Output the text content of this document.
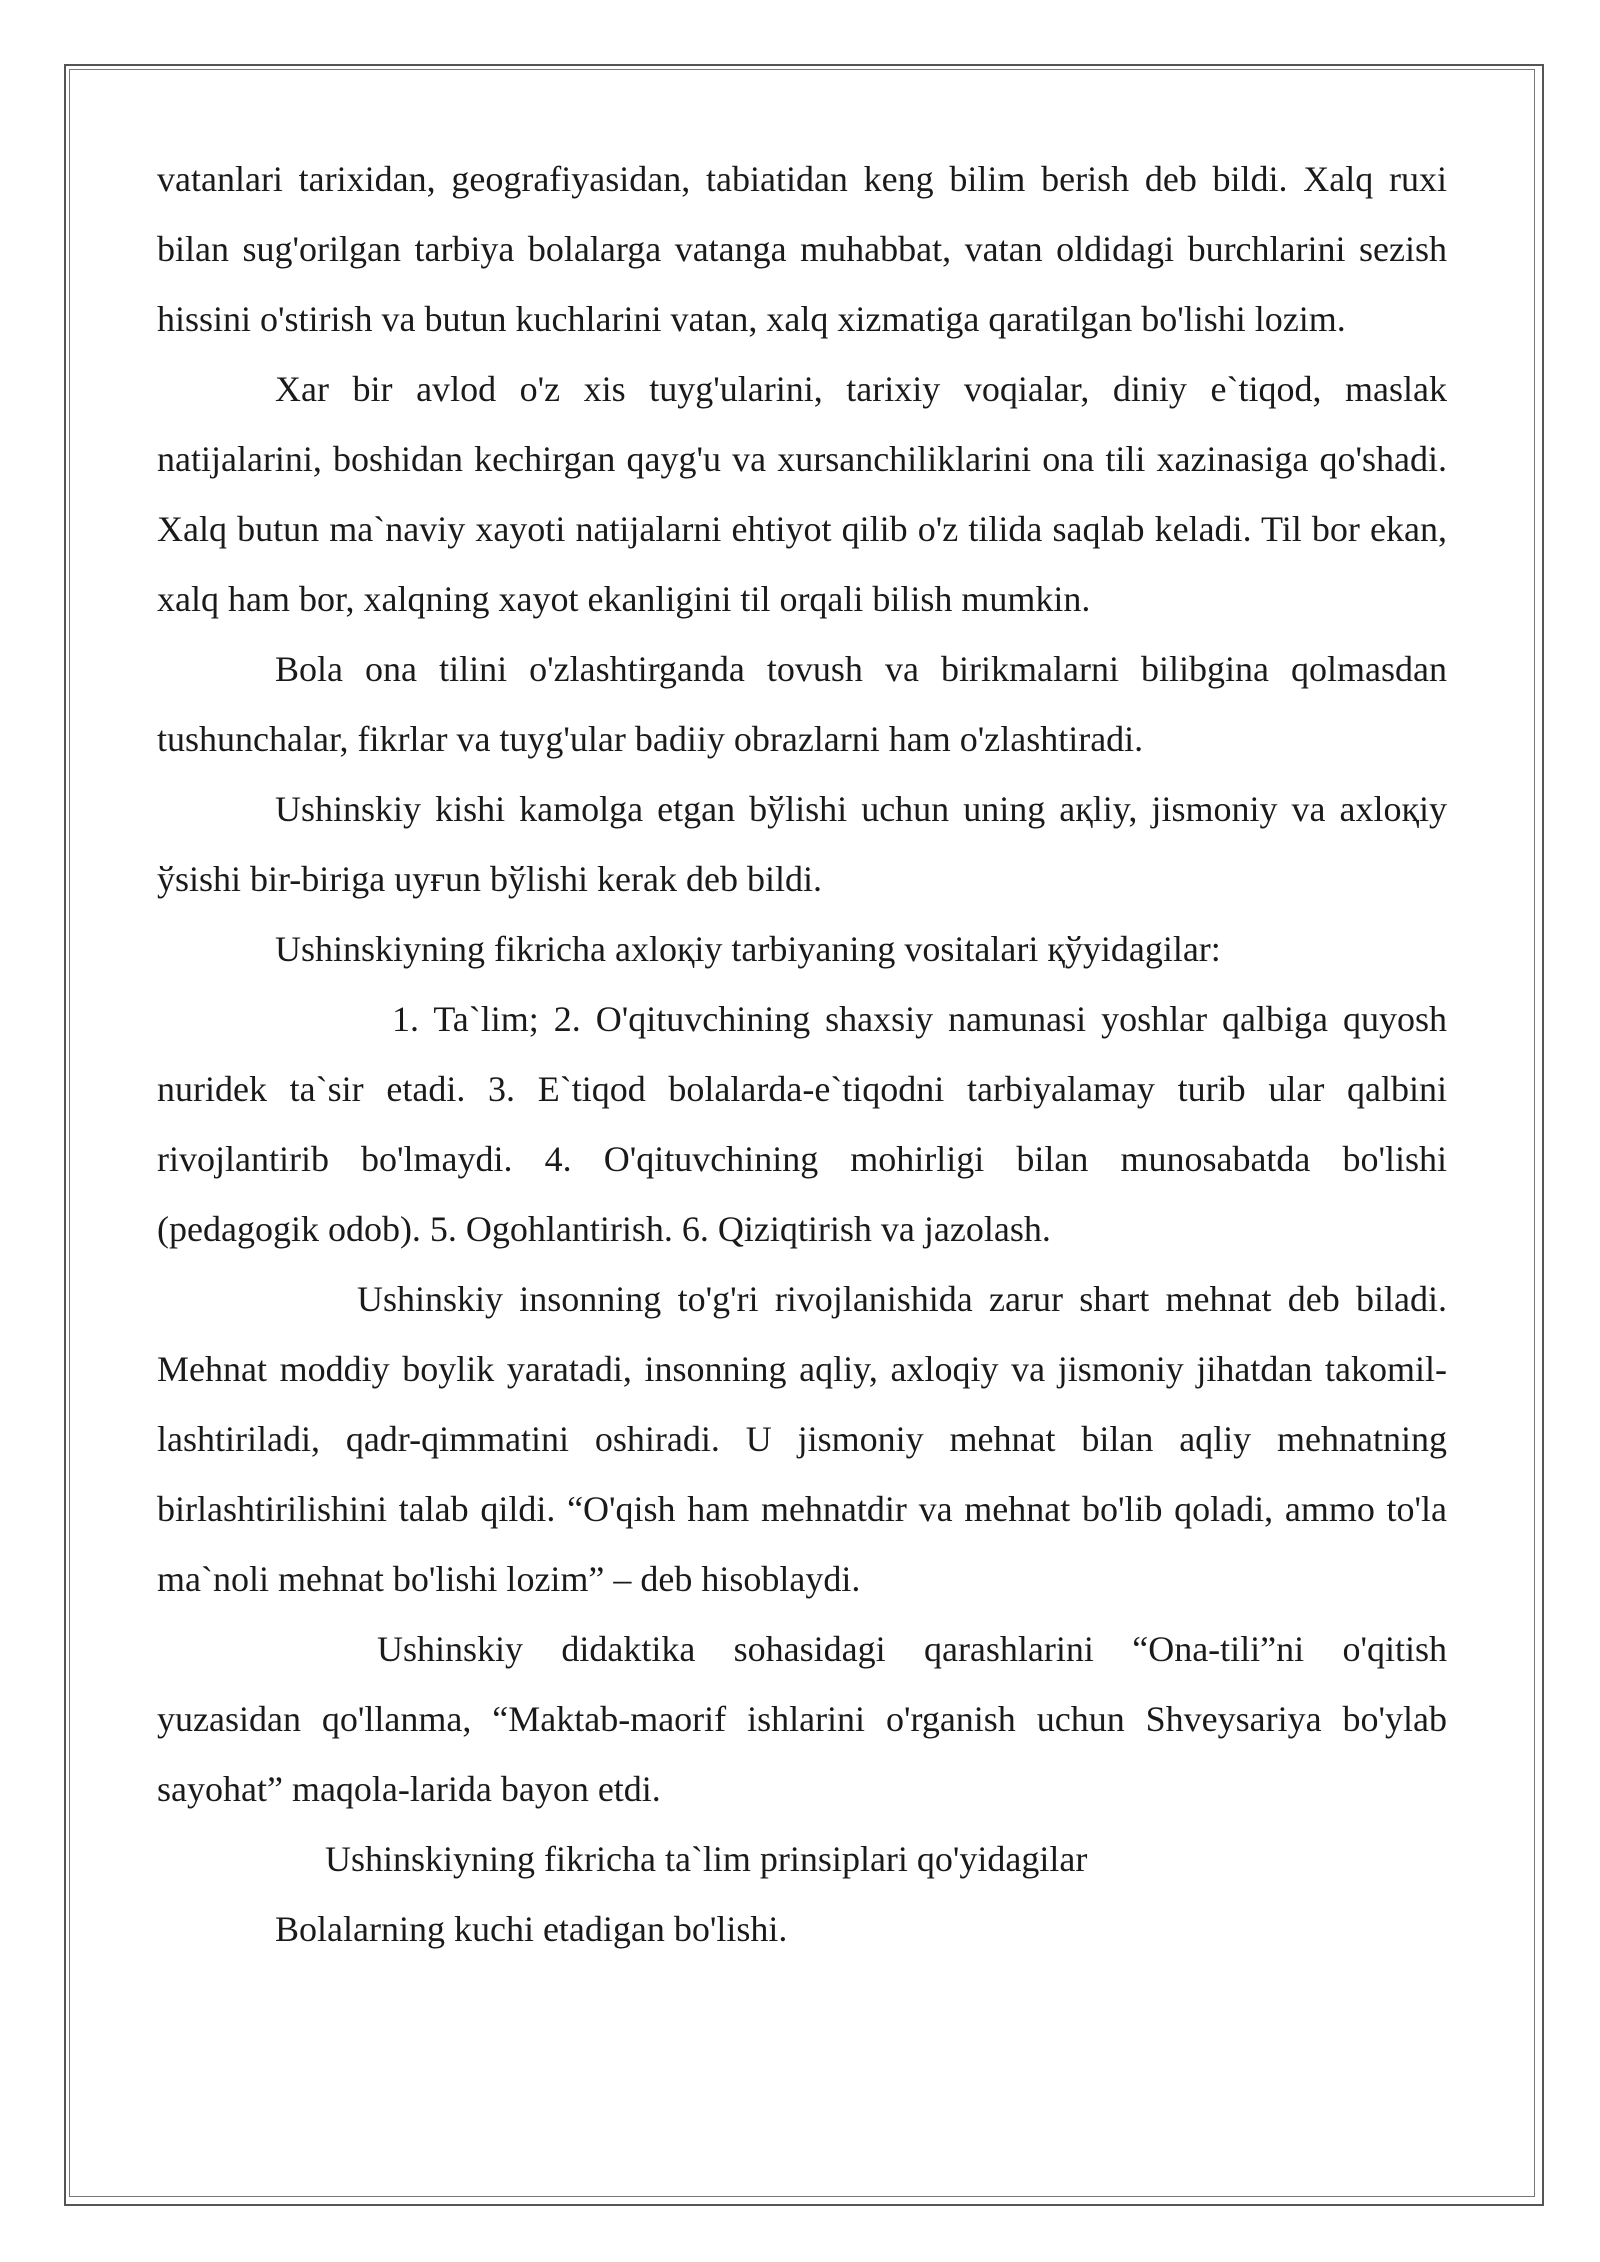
vatanlari tarixidan, geografiyasidan, tabiatidan keng bilim berish deb bildi. Xalq ruxi bilan sug'orilgan tarbiya bolalarga vatanga muhabbat, vatan oldidagi burchlarini sezish hissini o'stirish va butun kuchlarini vatan, xalq xizmatiga qaratilgan bo'lishi lozim.

Xar bir avlod o'z xis tuyg'ularini, tarixiy voqialar, diniy e`tiqod, maslak natijalarini, boshidan kechirgan qayg'u va xursanchiliklarini ona tili xazinasiga qo'shadi. Xalq butun ma`naviy xayoti natijalarni ehtiyot qilib o'z tilida saqlab keladi. Til bor ekan, xalq ham bor, xalqning xayot ekanligini til orqali bilish mumkin.

Bola ona tilini o'zlashtirganda tovush va birikmalarni bilibgina qolmasdan tushunchalar, fikrlar va tuyg'ular badiiy obrazlarni ham o'zlashtiradi.

Ushinskiy kishi kamolga etgan bўlishi uchun uning aқliy, jismoniy va axloқiy ўsishi bir-biriga uyғun bўlishi kerak deb bildi.

Ushinskiyning fikricha axloқiy tarbiyaning vositalari қўyidagilar:

1. Ta`lim; 2. O'qituvchining shaxsiy namunasi yoshlar qalbiga quyosh nuridek ta`sir etadi. 3. E`tiqod bolalarda-e`tiqodni tarbiyalamay turib ular qalbini rivojlantirib bo'lmaydi. 4. O'qituvchining mohirligi bilan munosabatda bo'lishi (pedagogik odob). 5. Ogohlantirish. 6. Qiziqtirish va jazolash.

Ushinskiy insonning to'g'ri rivojlanishida zarur shart mehnat deb biladi. Mehnat moddiy boylik yaratadi, insonning aqliy, axloqiy va jismoniy jihatdan takomil-lashtiriladi, qadr-qimmatini oshiradi. U jismoniy mehnat bilan aqliy mehnatning birlashtirilishini talab qildi. “O'qish ham mehnatdir va mehnat bo'lib qoladi, ammo to'la ma`noli mehnat bo'lishi lozim” – deb hisoblaydi.

Ushinskiy didaktika sohasidagi qarashlarini “Ona-tili”ni o'qitish yuzasidan qo'llanma, “Maktab-maorif ishlarini o'rganish uchun Shveysariya bo'ylab sayohat” maqola-larida bayon etdi.

Ushinskiyning fikricha ta`lim prinsiplari qo'yidagilar

Bolalarning kuchi etadigan bo'lishi.
